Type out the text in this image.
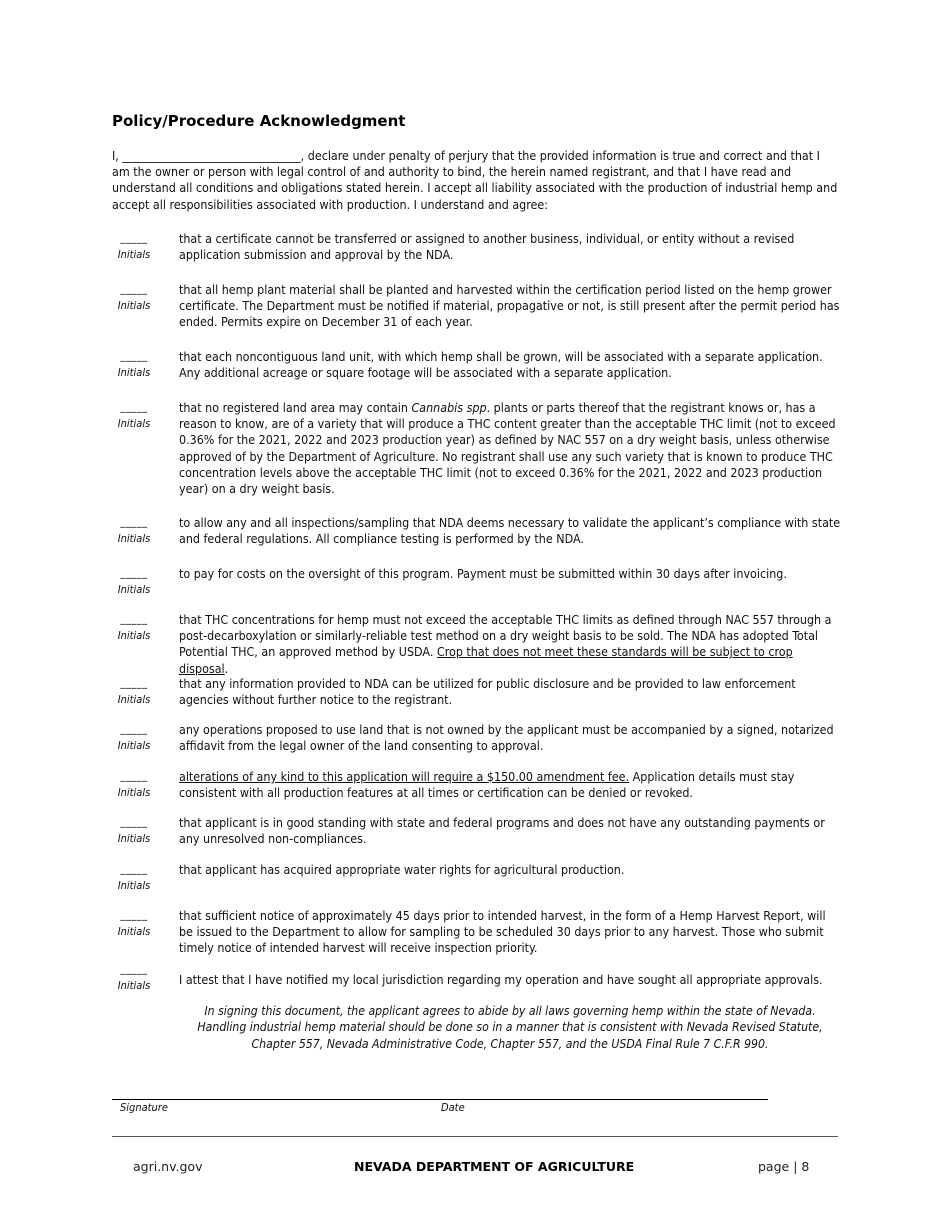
Policy/Procedure Acknowledgment

I, ________________________________, declare under penalty of perjury that the provided information is true and correct and that I am the owner or person with legal control of and authority to bind, the herein named registrant, and that I have read and understand all conditions and obligations stated herein. I accept all liability associated with the production of industrial hemp and accept all responsibilities associated with production. I understand and agree:

_____
Initials

that a certificate cannot be transferred or assigned to another business, individual, or entity without a revised application submission and approval by the NDA.

_____
Initials

that all hemp plant material shall be planted and harvested within the certification period listed on the hemp grower certificate. The Department must be notified if material, propagative or not, is still present after the permit period has ended. Permits expire on December 31 of each year.

_____
Initials

that each noncontiguous land unit, with which hemp shall be grown, will be associated with a separate application. Any additional acreage or square footage will be associated with a separate application.

_____
Initials

that no registered land area may contain Cannabis spp. plants or parts thereof that the registrant knows or, has a reason to know, are of a variety that will produce a THC content greater than the acceptable THC limit (not to exceed 0.36% for the 2021, 2022 and 2023 production year) as defined by NAC 557 on a dry weight basis, unless otherwise approved of by the Department of Agriculture. No registrant shall use any such variety that is known to produce THC concentration levels above the acceptable THC limit (not to exceed 0.36% for the 2021, 2022 and 2023 production year) on a dry weight basis.

_____
Initials

to allow any and all inspections/sampling that NDA deems necessary to validate the applicant’s compliance with state and federal regulations. All compliance testing is performed by the NDA.

_____
Initials

to pay for costs on the oversight of this program. Payment must be submitted within 30 days after invoicing.

_____
Initials

that THC concentrations for hemp must not exceed the acceptable THC limits as defined through NAC 557 through a post-decarboxylation or similarly-reliable test method on a dry weight basis to be sold. The NDA has adopted Total Potential THC, an approved method by USDA. Crop that does not meet these standards will be subject to crop disposal.

_____
Initials

that any information provided to NDA can be utilized for public disclosure and be provided to law enforcement agencies without further notice to the registrant.

_____
Initials

any operations proposed to use land that is not owned by the applicant must be accompanied by a signed, notarized affidavit from the legal owner of the land consenting to approval.

_____
Initials

alterations of any kind to this application will require a $150.00 amendment fee. Application details must stay consistent with all production features at all times or certification can be denied or revoked.

_____
Initials

that applicant is in good standing with state and federal programs and does not have any outstanding payments or any unresolved non-compliances.

_____
Initials

that applicant has acquired appropriate water rights for agricultural production.

_____
Initials

that sufficient notice of approximately 45 days prior to intended harvest, in the form of a Hemp Harvest Report, will be issued to the Department to allow for sampling to be scheduled 30 days prior to any harvest. Those who submit timely notice of intended harvest will receive inspection priority.

_____
Initials	I attest that I have notified my local jurisdiction regarding my operation and have sought all appropriate approvals.

In signing this document, the applicant agrees to abide by all laws governing hemp within the state of Nevada. Handling industrial hemp material should be done so in a manner that is consistent with Nevada Revised Statute, Chapter 557, Nevada Administrative Code, Chapter 557, and the USDA Final Rule 7 C.F.R 990.

Signature	Date
agri.nv.gov	NEVADA DEPARTMENT OF AGRICULTURE	page | 8
